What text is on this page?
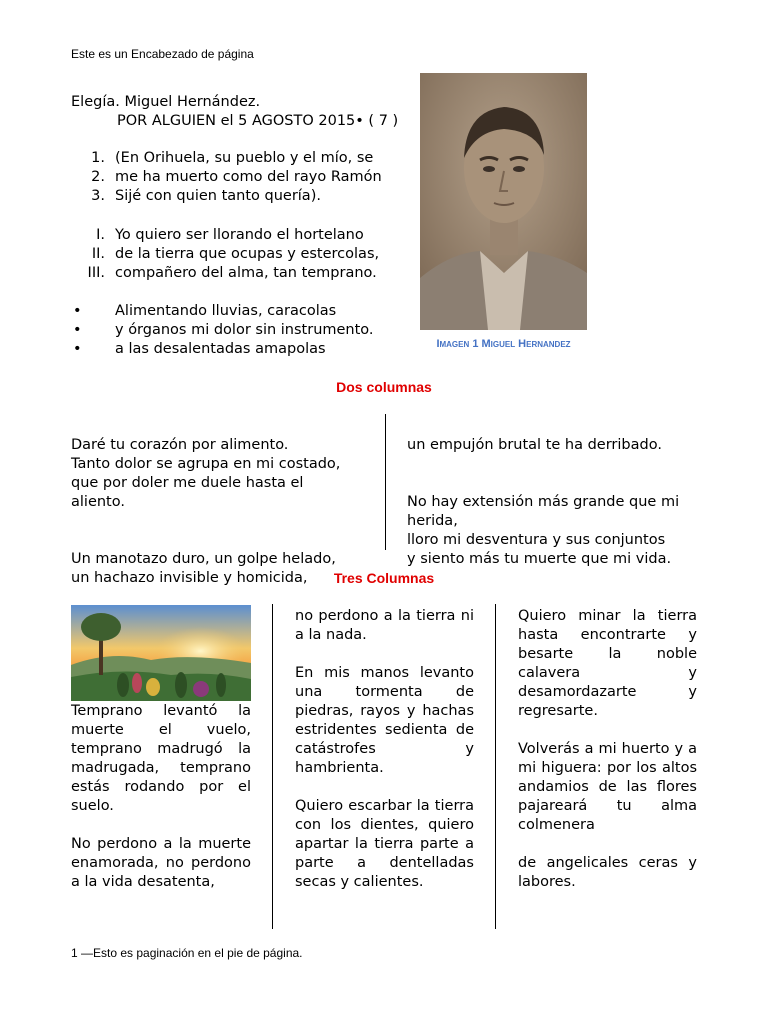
Este es un Encabezado de página
Elegía. Miguel Hernández.
POR ALGUIEN el 5 AGOSTO 2015• ( 7 )
1. (En Orihuela, su pueblo y el mío, se
2. me ha muerto como del rayo Ramón
3. Sijé con quien tanto quería).
I. Yo quiero ser llorando el hortelano
II. de la tierra que ocupas y estercolas,
III. compañero del alma, tan temprano.
•	Alimentando lluvias, caracolas
•	y órganos mi dolor sin instrumento.
•	a las desalentadas amapolas	Imagen 1 Miguel Hernandez
Dos columnas

Daré tu corazón por alimento.
Tanto dolor se agrupa en mi costado,
que por doler me duele hasta el
aliento.

Un manotazo duro, un golpe helado,
un hachazo invisible y homicida,

un empujón brutal te ha derribado.

No hay extensión más grande que mi
herida,
lloro mi desventura y sus conjuntos
y siento más tu muerte que mi vida.

Tres Columnas
Temprano levantó la muerte el vuelo, temprano madrugó la madrugada, temprano estás rodando por el suelo.
No perdono a la muerte enamorada, no perdono a la vida desatenta,
no perdono a la tierra ni a la nada.
En mis manos levanto una tormenta de piedras, rayos y hachas estridentes sedienta de catástrofes y hambrienta.
Quiero escarbar la tierra con los dientes, quiero apartar la tierra parte a parte a dentelladas secas y calientes.
Quiero minar la tierra hasta encontrarte y besarte la noble calavera y desamordazarte y regresarte.
Volverás a mi huerto y a mi higuera: por los altos andamios de las flores pajareará tu alma colmenera
de angelicales ceras y labores.
1 —Esto es paginación en el pie de página.
